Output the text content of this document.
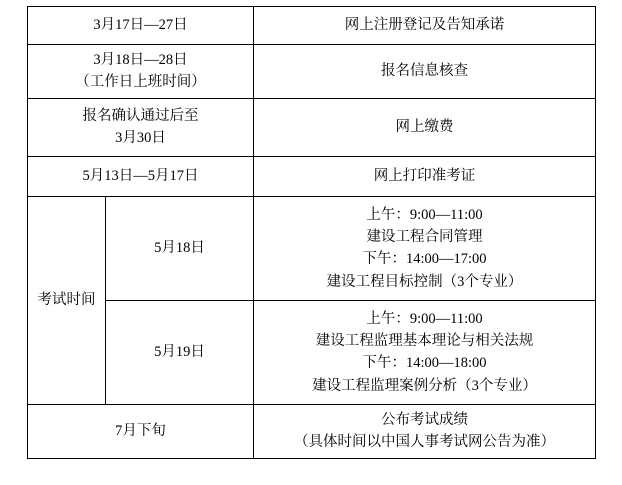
3月17日—27日		网上注册登记及告知承诺

3月18日—28日
（工作日上班时间）		报名信息核查

报名确认通过后至
3月30日		网上缴费

5月13日—5月17日		网上打印准考证

考试时间	5月18日	上午：9:00—11:00
建设工程合同管理
下午：14:00—17:00
建设工程目标控制（3个专业）

	5月19日	上午：9:00—11:00
建设工程监理基本理论与相关法规
下午：14:00—18:00
建设工程监理案例分析（3个专业）

7月下旬		公布考试成绩
（具体时间以中国人事考试网公告为准）
